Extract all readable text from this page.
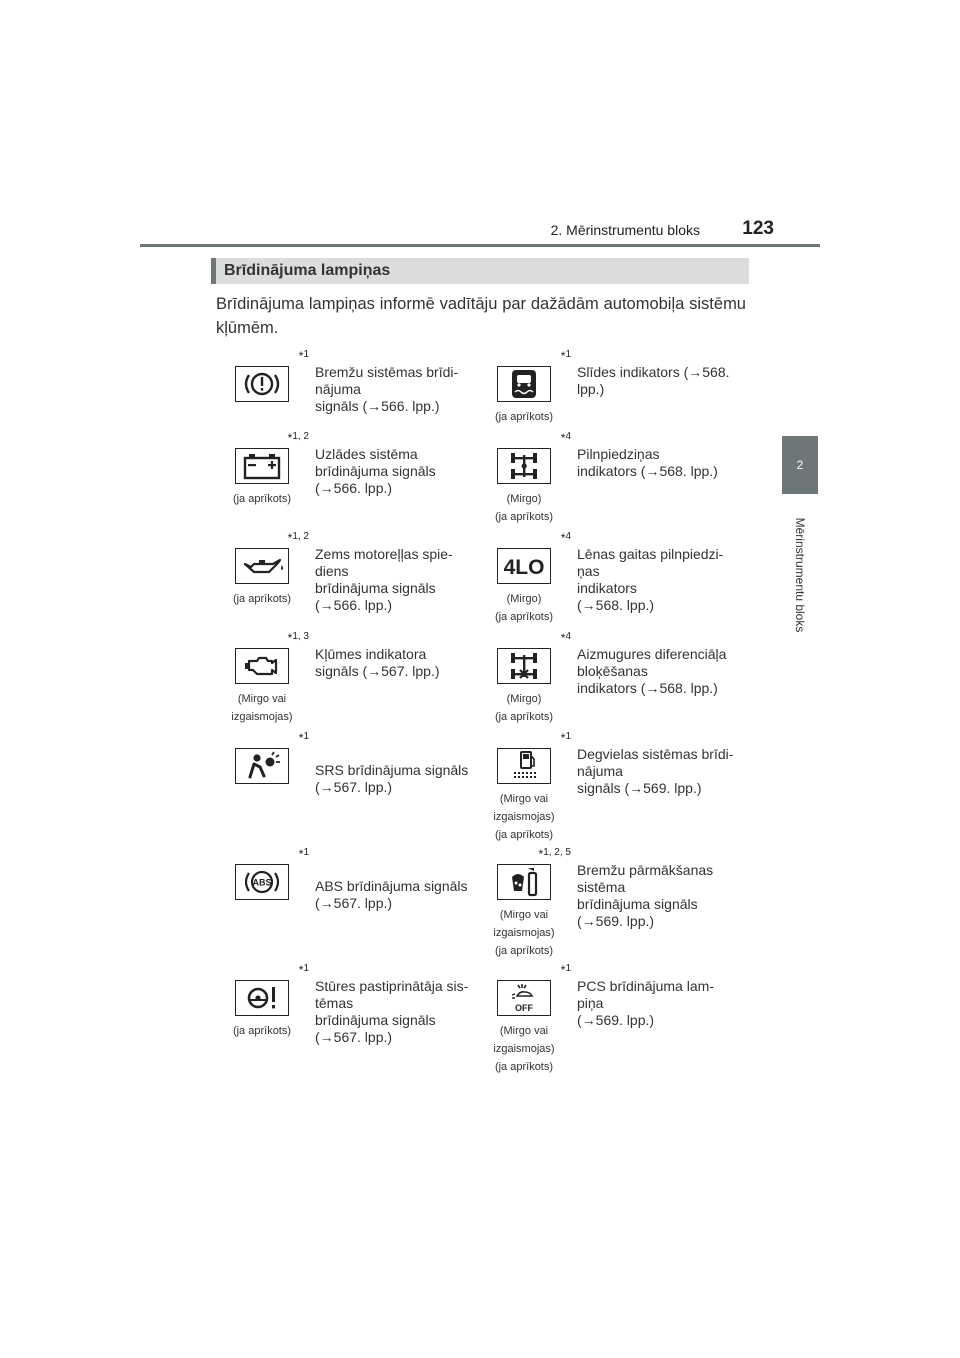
2. Mērinstrumentu bloks 123
2
Mērinstrumentu bloks
Brīdinājuma lampiņas
Brīdinājuma lampiņas informē vadītāju par dažādām automobiļa sistēmu kļūmēm.
*$^1$
Bremžu sistēmas brīdi-
nājuma
signāls (→566. lpp.)
*$^1$
(ja aprīkots)
Slīdes indikators (→568.
lpp.)
*$^{1, 2}$
(ja aprīkots)
Uzlādes sistēma
brīdinājuma signāls
(→566. lpp.)
*$^4$
(Mirgo)
(ja aprīkots)
Pilnpiedziņas
indikators (→568. lpp.)
*$^{1, 2}$
(ja aprīkots)
Zems motoreļļas spie-
diens
brīdinājuma signāls
(→566. lpp.)
*$^4$
4LO
(Mirgo)
(ja aprīkots)
Lēnas gaitas pilnpiedzi-
ņas
indikators
(→568. lpp.)
*$^{1, 3}$
(Mirgo vai
izgaismojas)
Kļūmes indikatora
signāls (→567. lpp.)
*$^4$
(Mirgo)
(ja aprīkots)
Aizmugures diferenciāļa
bloķēšanas
indikators (→568. lpp.)
*$^1$
SRS brīdinājuma signāls
(→567. lpp.)
*$^1$
(Mirgo vai
izgaismojas)
(ja aprīkots)
Degvielas sistēmas brīdi-
nājuma
signāls (→569. lpp.)
*$^1$
ABS	ABS brīdinājuma signāls
(→567. lpp.)
*$^{1, 2, 5}$
(Mirgo vai
izgaismojas)
(ja aprīkots)
Bremžu pārmākšanas
sistēma
brīdinājuma signāls
(→569. lpp.)
*$^1$
(ja aprīkots)
Stūres pastiprinātāja sis-
tēmas
brīdinājuma signāls
(→567. lpp.)
*$^1$
OFF
(Mirgo vai
izgaismojas)
(ja aprīkots)
PCS brīdinājuma lam-
piņa
(→569. lpp.)
